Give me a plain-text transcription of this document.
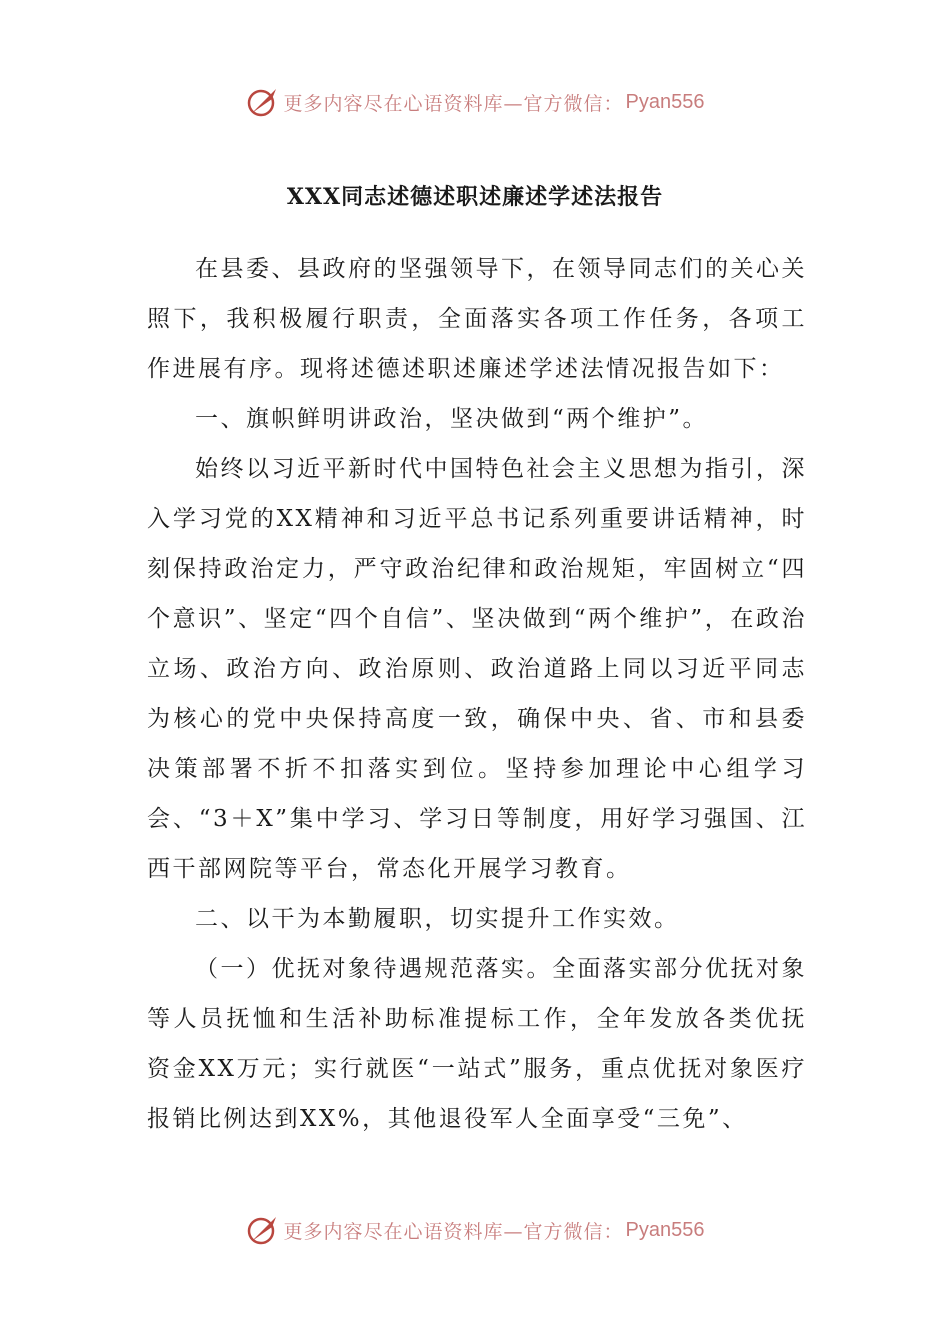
更多内容尽在心语资料库—官方微信： Pyan556
XXX同志述德述职述廉述学述法报告

在县委、县政府的坚强领导下，在领导同志们的关心关照下，我积极履行职责，全面落实各项工作任务，各项工作进展有序。现将述德述职述廉述学述法情况报告如下：

一、旗帜鲜明讲政治，坚决做到“两个维护”。

始终以习近平新时代中国特色社会主义思想为指引，深入学习党的XX精神和习近平总书记系列重要讲话精神，时刻保持政治定力，严守政治纪律和政治规矩，牢固树立“四个意识”、坚定“四个自信”、坚决做到“两个维护”，在政治立场、政治方向、政治原则、政治道路上同以习近平同志为核心的党中央保持高度一致，确保中央、省、市和县委决策部署不折不扣落实到位。坚持参加理论中心组学习会、“3＋X”集中学习、学习日等制度，用好学习强国、江西干部网院等平台，常态化开展学习教育。

二、以干为本勤履职，切实提升工作实效。

（一）优抚对象待遇规范落实。全面落实部分优抚对象等人员抚恤和生活补助标准提标工作，全年发放各类优抚资金XX万元；实行就医“一站式”服务，重点优抚对象医疗报销比例达到XX%，其他退役军人全面享受“三免”、

更多内容尽在心语资料库—官方微信： Pyan556
